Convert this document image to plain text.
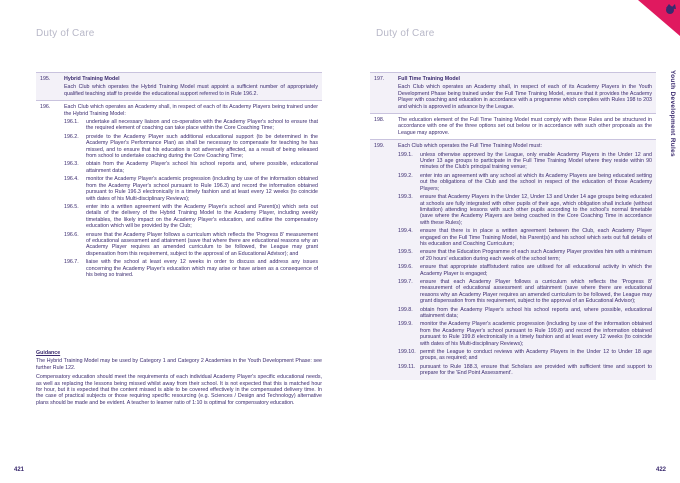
Duty of Care
195.	Hybrid Training Model
Each Club which operates the Hybrid Training Model must appoint a sufficient number of appropriately qualified teaching staff to provide the educational support referred to in Rule 196.2.
196.	Each Club which operates an Academy shall, in respect of each of its Academy Players being trained under the Hybrid Training Model:
196.1.	undertake all necessary liaison and co-operation with the Academy Player's school to ensure that the required element of coaching can take place within the Core Coaching Time;
196.2.	provide to the Academy Player such additional educational support (to be determined in the Academy Player's Performance Plan) as shall be necessary to compensate for teaching he has missed, and to ensure that his education is not adversely affected, as a result of being released from school to undertake coaching during the Core Coaching Time;
196.3.	obtain from the Academy Player's school his school reports and, where possible, educational attainment data;
196.4.	monitor the Academy Player's academic progression (including by use of the information obtained from the Academy Player's school pursuant to Rule 196.3) and record the information obtained pursuant to Rule 196.3 electronically in a timely fashion and at least every 12 weeks (to coincide with dates of his Multi-disciplinary Reviews);
196.5.	enter into a written agreement with the Academy Player's school and Parent(s) which sets out details of the delivery of the Hybrid Training Model to the Academy Player, including weekly timetables, the likely impact on the Academy Player's education, and outline the compensatory education which will be provided by the Club;
196.6.	ensure that the Academy Player follows a curriculum which reflects the 'Progress 8' measurement of educational assessment and attainment (save that where there are educational reasons why an Academy Player requires an amended curriculum to be followed, the League may grant dispensation from this requirement, subject to the approval of an Educational Advisor); and
196.7.	liaise with the school at least every 12 weeks in order to discuss and address any issues concerning the Academy Player's education which may arise or have arisen as a consequence of his being so trained.
Guidance

The Hybrid Training Model may be used by Category 1 and Category 2 Academies in the Youth Development Phase: see further Rule 122.

Compensatory education should meet the requirements of each individual Academy Player's specific educational needs, as well as replacing the lessons being missed whilst away from their school. It is not expected that this is matched hour for hour, but it is expected that the content missed is able to be covered effectively in the compensated delivery time. In the case of practical subjects or those requiring specific resourcing (e.g. Sciences / Design and Technology) alternative plans should be made and be evident. A teacher to learner ratio of 1:10 is optimal for compensatory education.

421
Duty of Care
197.	Full Time Training Model
Each Club which operates an Academy shall, in respect of each of its Academy Players in the Youth Development Phase being trained under the Full Time Training Model, ensure that it provides the Academy Player with coaching and education in accordance with a programme which complies with Rules 198 to 203 and which is approved in advance by the League.
198.	The education element of the Full Time Training Model must comply with these Rules and be structured in accordance with one of the three options set out below or in accordance with such other proposals as the League may approve.
199.	Each Club which operates the Full Time Training Model must:
199.1.	unless otherwise approved by the League, only enable Academy Players in the Under 12 and Under 13 age groups to participate in the Full Time Training Model where they reside within 90 minutes of the Club's principal training venue;
199.2.	enter into an agreement with any school at which its Academy Players are being educated setting out the obligations of the Club and the school in respect of the education of those Academy Players;
199.3.	ensure that Academy Players in the Under 12, Under 13 and Under 14 age groups being educated at schools are fully integrated with other pupils of their age, which obligation shall include (without limitation) attending lessons with such other pupils according to the school's normal timetable (save where the Academy Players are being coached in the Core Coaching Time in accordance with these Rules);
199.4.	ensure that there is in place a written agreement between the Club, each Academy Player engaged on the Full Time Training Model, his Parent(s) and his school which sets out full details of his education and Coaching Curriculum;
199.5.	ensure that the Education Programme of each such Academy Player provides him with a minimum of 20 hours' education during each week of the school term;
199.6.	ensure that appropriate staff/student ratios are utilised for all educational activity in which the Academy Player is engaged;
199.7.	ensure that each Academy Player follows a curriculum which reflects the 'Progress 8' measurement of educational assessment and attainment (save where there are educational reasons why an Academy Player requires an amended curriculum to be followed, the League may grant dispensation from this requirement, subject to the approval of an Educational Advisor);
199.8.	obtain from the Academy Player's school his school reports and, where possible, educational attainment data;
199.9.	monitor the Academy Player's academic progression (including by use of the information obtained from the Academy Player's school pursuant to Rule 199.8) and record the information obtained pursuant to Rule 199.8 electronically in a timely fashion and at least every 12 weeks (to coincide with dates of his Multi-disciplinary Reviews);
199.10. permit the League to conduct reviews with Academy Players in the Under 12 to Under 18 age groups, as required; and
199.11. pursuant to Rule 188.3, ensure that Scholars are provided with sufficient time and support to prepare for the 'End Point Assessment'.
422
Youth Development Rules
